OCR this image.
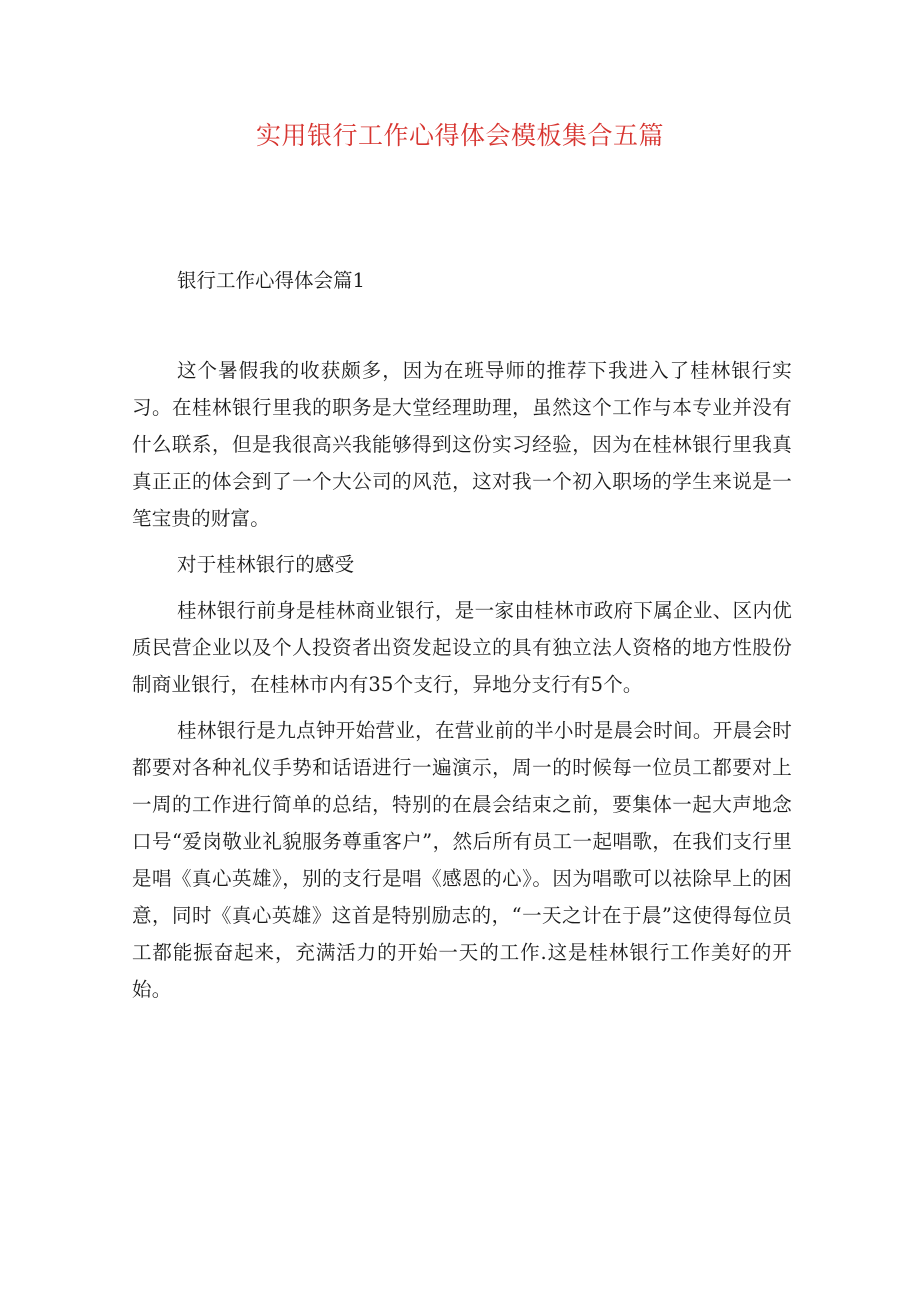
实用银行工作心得体会模板集合五篇
银行工作心得体会篇1

这个暑假我的收获颇多，因为在班导师的推荐下我进入了桂林银行实习。在桂林银行里我的职务是大堂经理助理，虽然这个工作与本专业并没有什么联系，但是我很高兴我能够得到这份实习经验，因为在桂林银行里我真真正正的体会到了一个大公司的风范，这对我一个初入职场的学生来说是一笔宝贵的财富。

对于桂林银行的感受

桂林银行前身是桂林商业银行，是一家由桂林市政府下属企业、区内优质民营企业以及个人投资者出资发起设立的具有独立法人资格的地方性股份制商业银行，在桂林市内有35个支行，异地分支行有5个。

桂林银行是九点钟开始营业，在营业前的半小时是晨会时间。开晨会时都要对各种礼仪手势和话语进行一遍演示，周一的时候每一位员工都要对上一周的工作进行简单的总结，特别的在晨会结束之前，要集体一起大声地念口号“爱岗敬业礼貌服务尊重客户”，然后所有员工一起唱歌，在我们支行里是唱《真心英雄》，别的支行是唱《感恩的心》。因为唱歌可以祛除早上的困意，同时《真心英雄》这首是特别励志的，“一天之计在于晨”这使得每位员工都能振奋起来，充满活力的开始一天的工作.这是桂林银行工作美好的开始。
